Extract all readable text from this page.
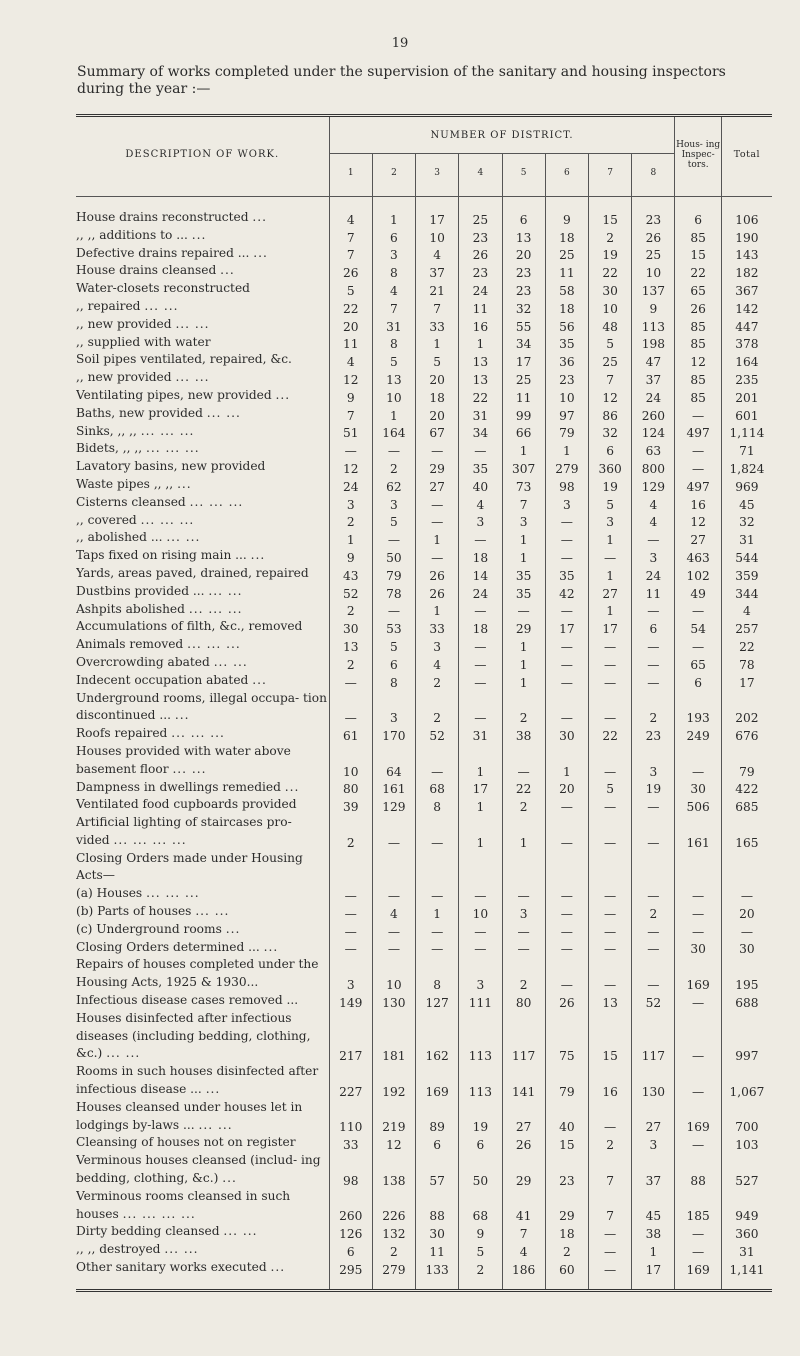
19
Summary of works completed under the supervision of the sanitary and housing inspectors during the year :—

DESCRIPTION OF WORK.	NUMBER OF DISTRICT.								Hous- ing Inspec- tors.	Total
	1	2	3	4	5	6	7	8		

House drains reconstructed ...	4	1	17	25	6	9	15	23	6	106
,, ,, additions to ... ...	7	6	10	23	13	18	2	26	85	190
Defective drains repaired ... ...	7	3	4	26	20	25	19	25	15	143
House drains cleansed ...	26	8	37	23	23	11	22	10	22	182
Water-closets reconstructed	5	4	21	24	23	58	30	137	65	367
,, repaired ... ...	22	7	7	11	32	18	10	9	26	142
,, new provided ... ...	20	31	33	16	55	56	48	113	85	447
,, supplied with water	11	8	1	1	34	35	5	198	85	378
Soil pipes ventilated, repaired, &c.	4	5	5	13	17	36	25	47	12	164
,, new provided ... ...	12	13	20	13	25	23	7	37	85	235
Ventilating pipes, new provided ...	9	10	18	22	11	10	12	24	85	201
Baths, new provided ... ...	7	1	20	31	99	97	86	260	—	601
Sinks, ,, ,, ... ... ...	51	164	67	34	66	79	32	124	497	1,114
Bidets, ,, ,, ... ... ...	—	—	—	—	1	1	6	63	—	71
Lavatory basins, new provided	12	2	29	35	307	279	360	800	—	1,824
Waste pipes ,, ,, ...	24	62	27	40	73	98	19	129	497	969
Cisterns cleansed ... ... ...	3	3	—	4	7	3	5	4	16	45
,, covered ... ... ...	2	5	—	3	3	—	3	4	12	32
,, abolished ... ... ...	1	—	1	—	1	—	1	—	27	31
Taps fixed on rising main ... ...	9	50	—	18	1	—	—	3	463	544
Yards, areas paved, drained, repaired	43	79	26	14	35	35	1	24	102	359
Dustbins provided ... ... ...	52	78	26	24	35	42	27	11	49	344
Ashpits abolished ... ... ...	2	—	1	—	—	—	1	—	—	4
Accumulations of filth, &c., removed	30	53	33	18	29	17	17	6	54	257
Animals removed ... ... ...	13	5	3	—	1	—	—	—	—	22
Overcrowding abated ... ...	2	6	4	—	1	—	—	—	65	78
Indecent occupation abated ...	—	8	2	—	1	—	—	—	6	17
Underground rooms, illegal occupa- tion discontinued ... ...	—	3	2	—	2	—	—	2	193	202
Roofs repaired ... ... ...	61	170	52	31	38	30	22	23	249	676
Houses provided with water above basement floor ... ...	10	64	—	1	—	1	—	3	—	79
Dampness in dwellings remedied ...	80	161	68	17	22	20	5	19	30	422
Ventilated food cupboards provided	39	129	8	1	2	—	—	—	506	685
Artificial lighting of staircases pro- vided ... ... ... ...	2	—	—	1	1	—	—	—	161	165
Closing Orders made under Housing Acts—										
(a) Houses ... ... ...	—	—	—	—	—	—	—	—	—	—
(b) Parts of houses ... ...	—	4	1	10	3	—	—	2	—	20
(c) Underground rooms ...	—	—	—	—	—	—	—	—	—	—
Closing Orders determined ... ...	—	—	—	—	—	—	—	—	30	30
Repairs of houses completed under the Housing Acts, 1925 & 1930...	3	10	8	3	2	—	—	—	169	195
Infectious disease cases removed ...	149	130	127	111	80	26	13	52	—	688
Houses disinfected after infectious diseases (including bedding, clothing, &c.) ... ...	217	181	162	113	117	75	15	117	—	997
Rooms in such houses disinfected after infectious disease ... ...	227	192	169	113	141	79	16	130	—	1,067
Houses cleansed under houses let in lodgings by-laws ... ... ...	110	219	89	19	27	40	—	27	169	700
Cleansing of houses not on register	33	12	6	6	26	15	2	3	—	103
Verminous houses cleansed (includ- ing bedding, clothing, &c.) ...	98	138	57	50	29	23	7	37	88	527
Verminous rooms cleansed in such houses ... ... ... ...	260	226	88	68	41	29	7	45	185	949
Dirty bedding cleansed ... ...	126	132	30	9	7	18	—	38	—	360
,, ,, destroyed ... ...	6	2	11	5	4	2	—	1	—	31
Other sanitary works executed ...	295	279	133	2	186	60	—	17	169	1,141
